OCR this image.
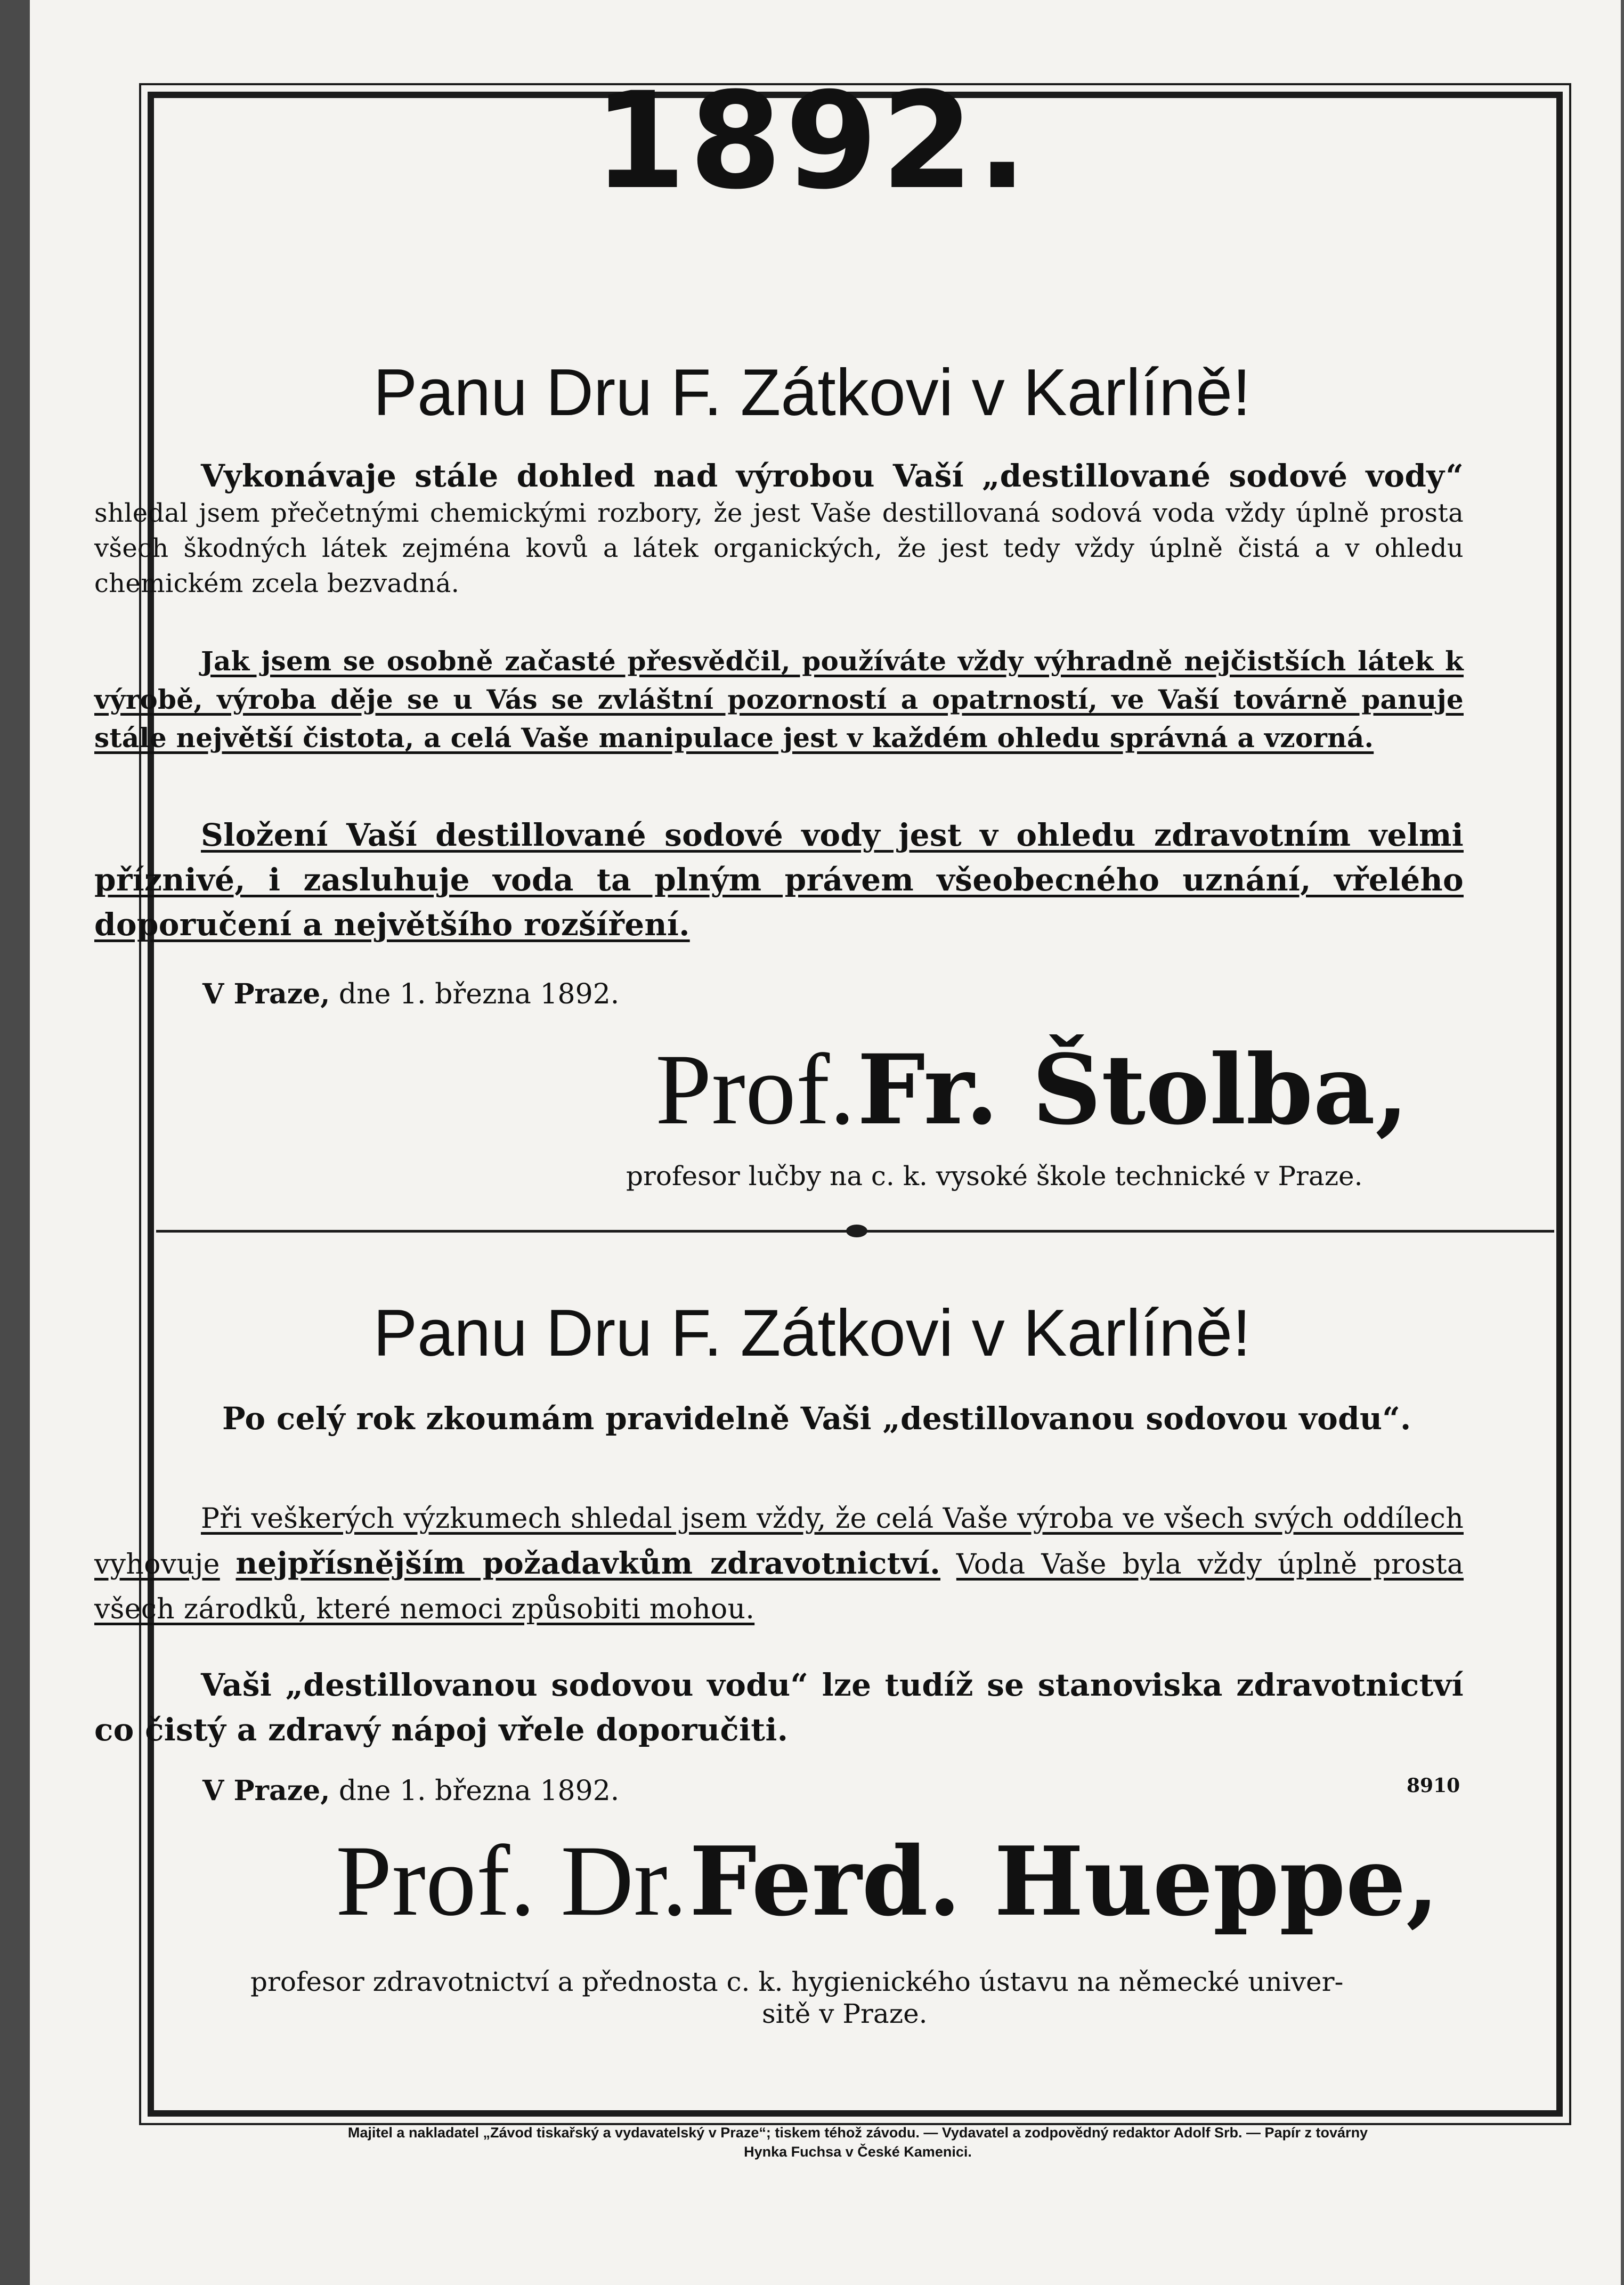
1892.
Panu Dru F. Zátkovi v Karlíně!
Vykonávaje stále dohled nad výrobou Vaší „destillované sodové vody“ shledal jsem přečetnými chemickými rozbory, že jest Vaše destillovaná sodová voda vždy úplně prosta všech škodných látek zejména kovů a látek organických, že jest tedy vždy úplně čistá a v ohledu chemickém zcela bezvadná.
Jak jsem se osobně začasté přesvědčil, používáte vždy výhradně nejčistších látek k výrobě, výroba děje se u Vás se zvláštní pozorností a opatrností, ve Vaší továrně panuje stále největší čistota, a celá Vaše manipulace jest v každém ohledu správná a vzorná.
Složení Vaší destillované sodové vody jest v ohledu zdravotním velmi příznivé, i zasluhuje voda ta plným právem všeobecného uznání, vřelého doporučení a největšího rozšíření.
V Praze, dne 1. března 1892.
Prof. Fr. Štolba,
profesor lučby na c. k. vysoké škole technické v Praze.
Panu Dru F. Zátkovi v Karlíně!
Po celý rok zkoumám pravidelně Vaši „destillovanou sodovou vodu“.
Při veškerých výzkumech shledal jsem vždy, že celá Vaše výroba ve všech svých oddílech vyhovuje nejpřísnějším požadavkům zdravotnictví. Voda Vaše byla vždy úplně prosta všech zárodků, které nemoci způsobiti mohou.
Vaši „destillovanou sodovou vodu“ lze tudíž se stanoviska zdravotnictví co čistý a zdravý nápoj vřele doporučiti.
V Praze, dne 1. března 1892.	8910
Prof. Dr. Ferd. Hueppe,
profesor zdravotnictví a přednosta c. k. hygienického ústavu na německé univer-
sitě v Praze.
Majitel a nakladatel „Závod tiskařský a vydavatelský v Praze“; tiskem téhož závodu. — Vydavatel a zodpovědný redaktor Adolf Srb. — Papír z továrny
Hynka Fuchsa v České Kamenici.
